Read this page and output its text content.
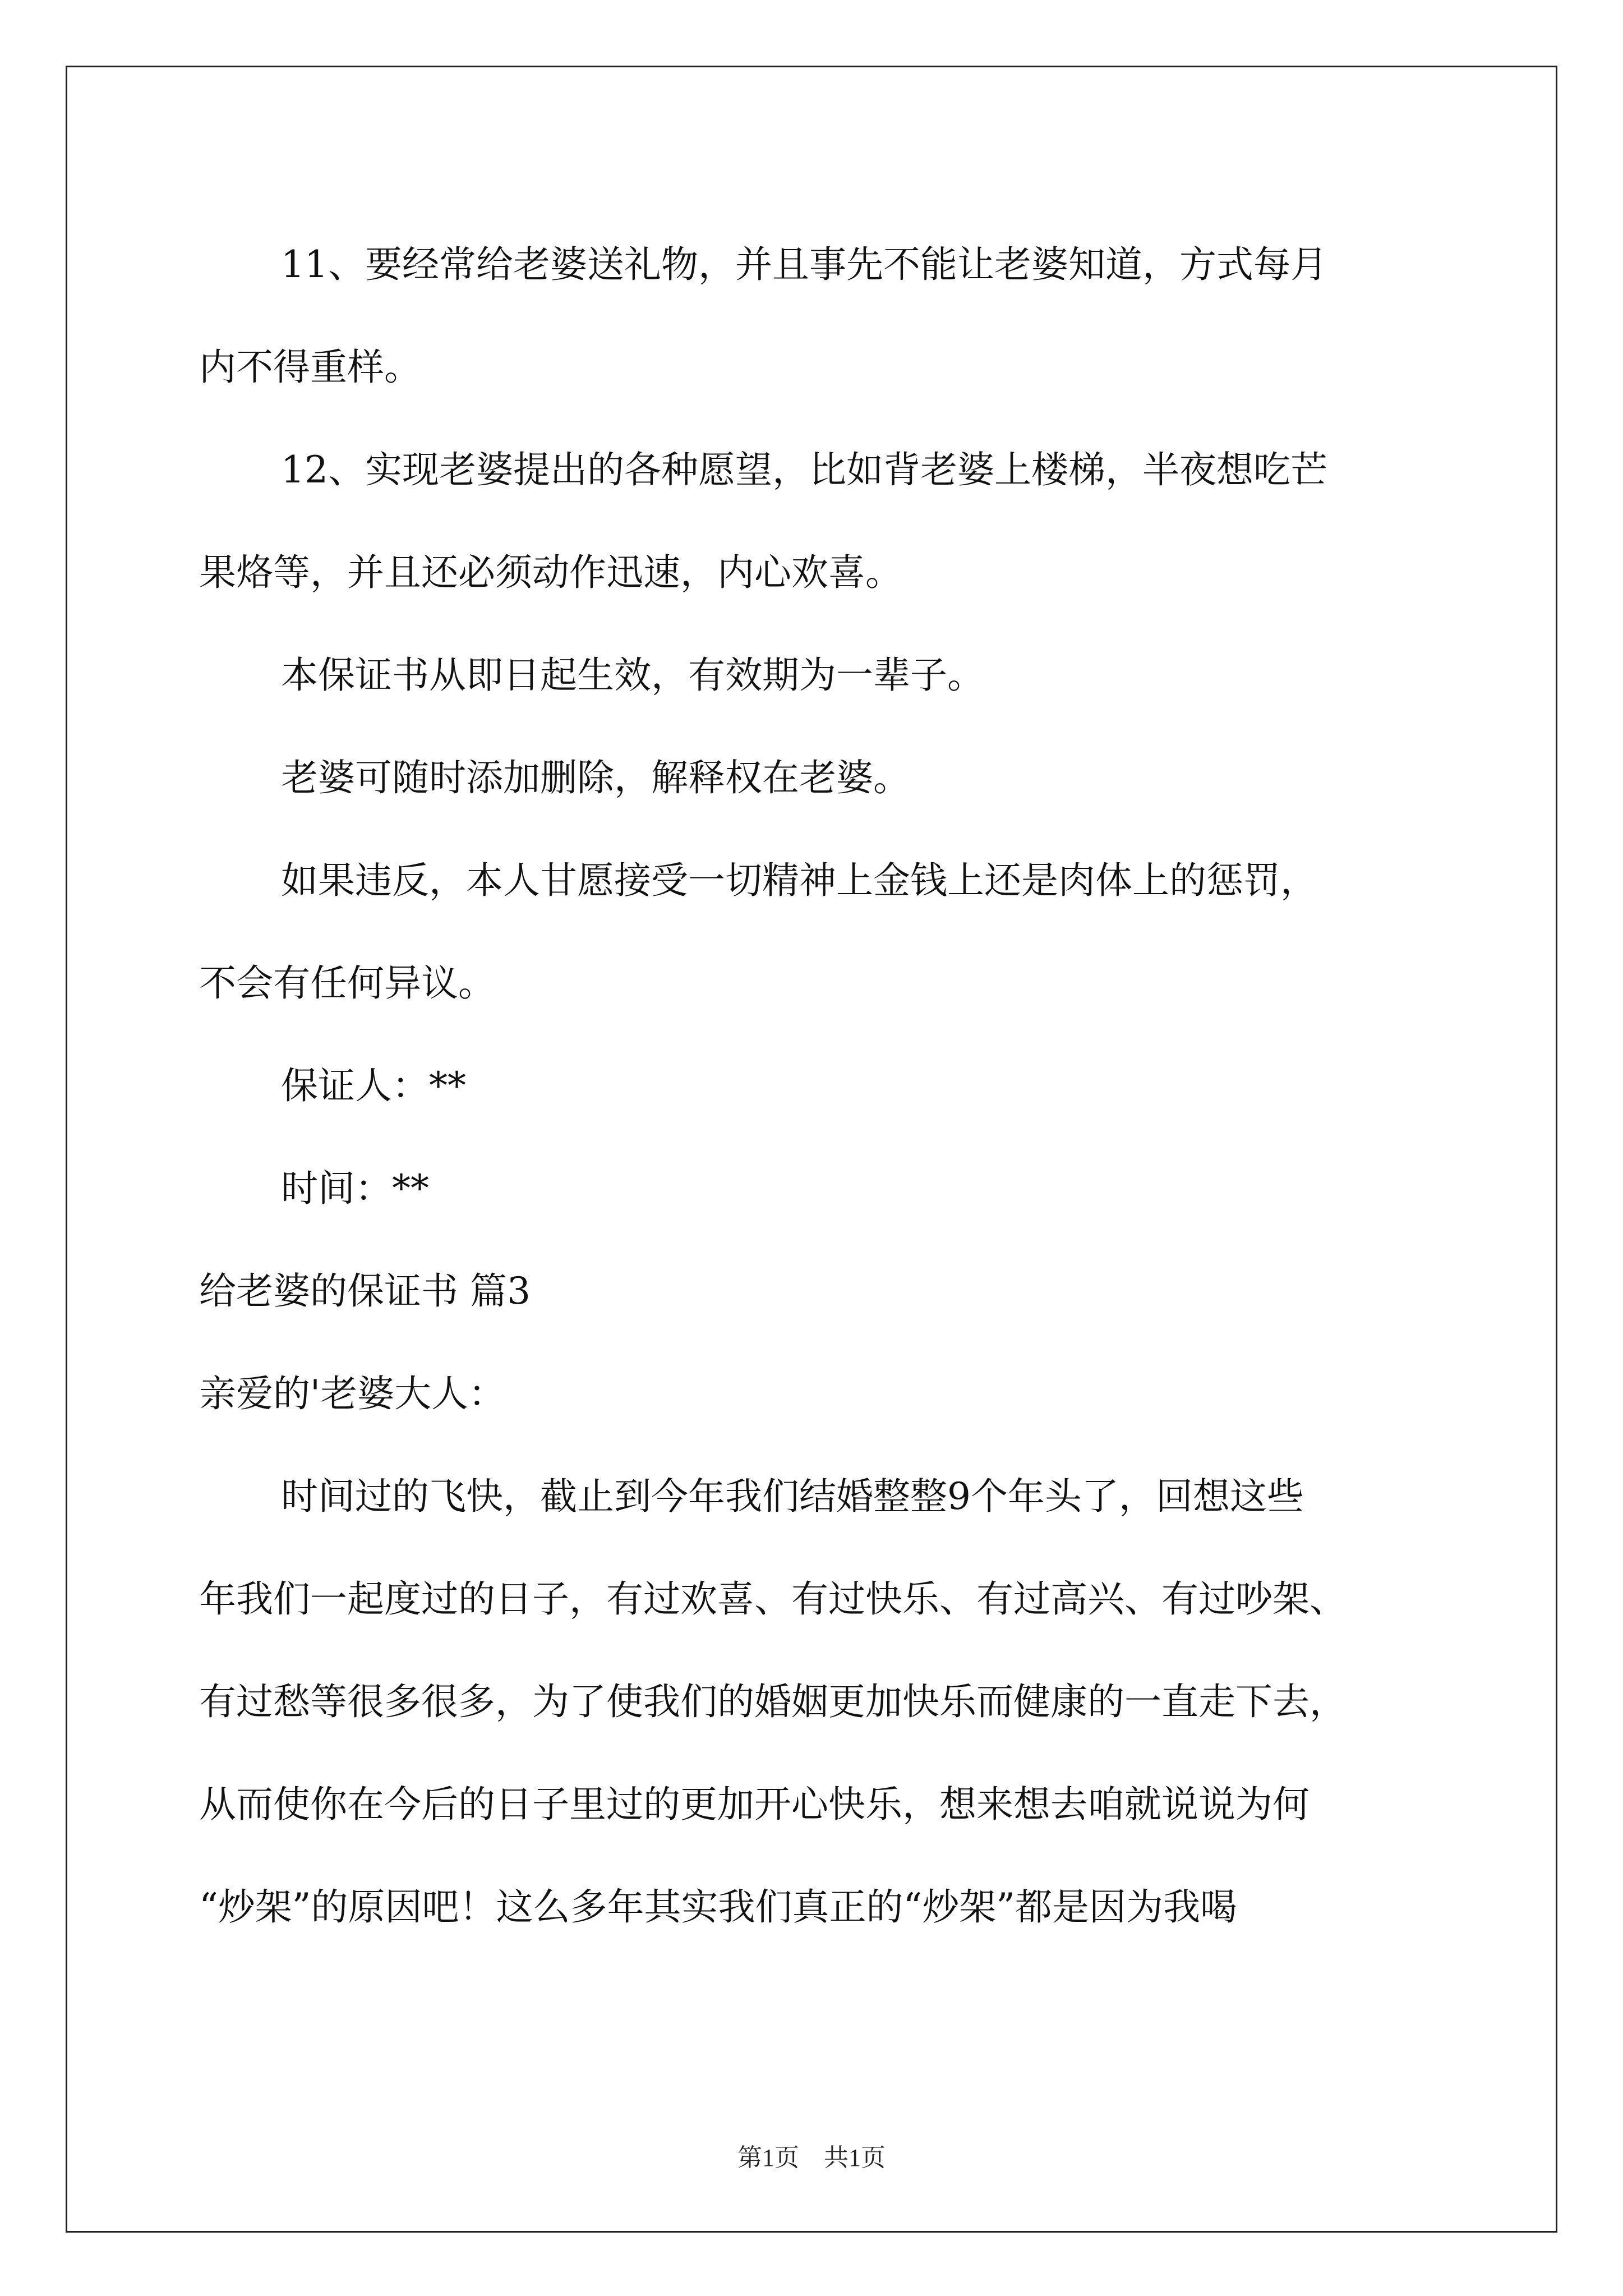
11、要经常给老婆送礼物，并且事先不能让老婆知道，方式每月
内不得重样。
12、实现老婆提出的各种愿望，比如背老婆上楼梯，半夜想吃芒
果烙等，并且还必须动作迅速，内心欢喜。
本保证书从即日起生效，有效期为一辈子。
老婆可随时添加删除，解释权在老婆。
如果违反，本人甘愿接受一切精神上金钱上还是肉体上的惩罚，
不会有任何异议。
保证人：**
时间：**
给老婆的保证书 篇3
亲爱的'老婆大人：
时间过的飞快，截止到今年我们结婚整整9个年头了，回想这些
年我们一起度过的日子，有过欢喜、有过快乐、有过高兴、有过吵架、
有过愁等很多很多，为了使我们的婚姻更加快乐而健康的一直走下去，
从而使你在今后的日子里过的更加开心快乐，想来想去咱就说说为何
“炒架”的原因吧！这么多年其实我们真正的“炒架”都是因为我喝
第1页　共1页
